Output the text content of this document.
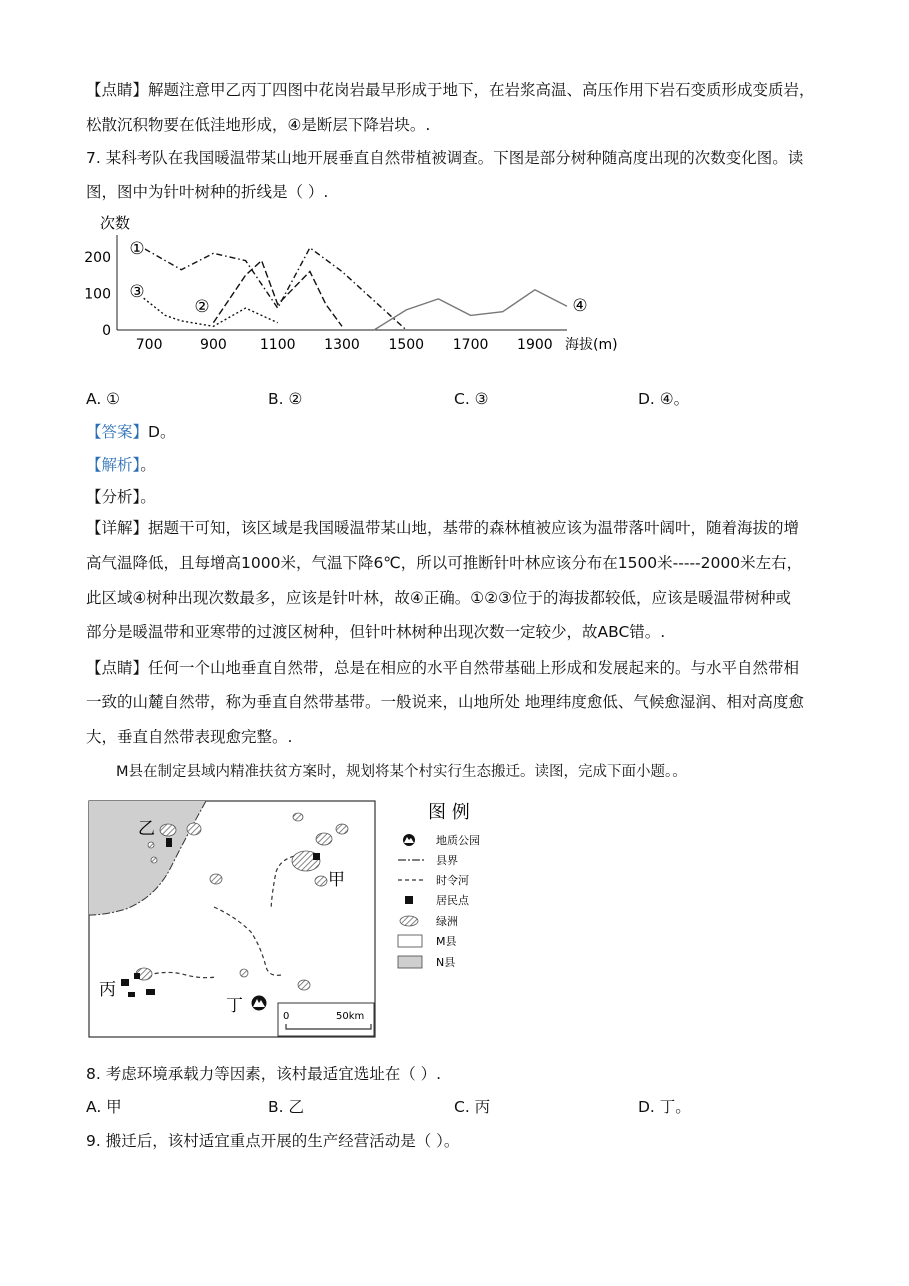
【点睛】解题注意甲乙丙丁四图中花岗岩最早形成于地下，在岩浆高温、高压作用下岩石变质形成变质岩，
松散沉积物要在低洼地形成，④是断层下降岩块。.
7. 某科考队在我国暖温带某山地开展垂直自然带植被调查。下图是部分树种随高度出现的次数变化图。读
图，图中为针叶树种的折线是（ ）.
次数
200
100
0
700	900 1100 1300 1500 1700 1900
①
②
③
④
海拔(m)
A. ①	B. ②	C. ③	D. ④。
【答案】D。
【解析】。
【分析】。
【详解】据题干可知，该区域是我国暖温带某山地，基带的森林植被应该为温带落叶阔叶，随着海拔的增
高气温降低，且每增高1000米，气温下降6℃，所以可推断针叶林应该分布在1500米-----2000米左右，
此区域④树种出现次数最多，应该是针叶林，故④正确。①②③位于的海拔都较低，应该是暖温带树种或
部分是暖温带和亚寒带的过渡区树种，但针叶林树种出现次数一定较少，故ABC错。.
【点睛】任何一个山地垂直自然带，总是在相应的水平自然带基础上形成和发展起来的。与水平自然带相
一致的山麓自然带，称为垂直自然带基带。一般说来，山地所处 地理纬度愈低、气候愈湿润、相对高度愈
大，垂直自然带表现愈完整。.
M县在制定县域内精准扶贫方案时，规划将某个村实行生态搬迁。读图，完成下面小题。。
乙
甲
丙
丁
0	50km
图 例
地质公园
县界
时令河
居民点
绿洲
M县
N县
8. 考虑环境承载力等因素，该村最适宜选址在（ ）.
A. 甲	B. 乙	C. 丙	D. 丁。
9. 搬迁后，该村适宜重点开展的生产经营活动是（ ）。
